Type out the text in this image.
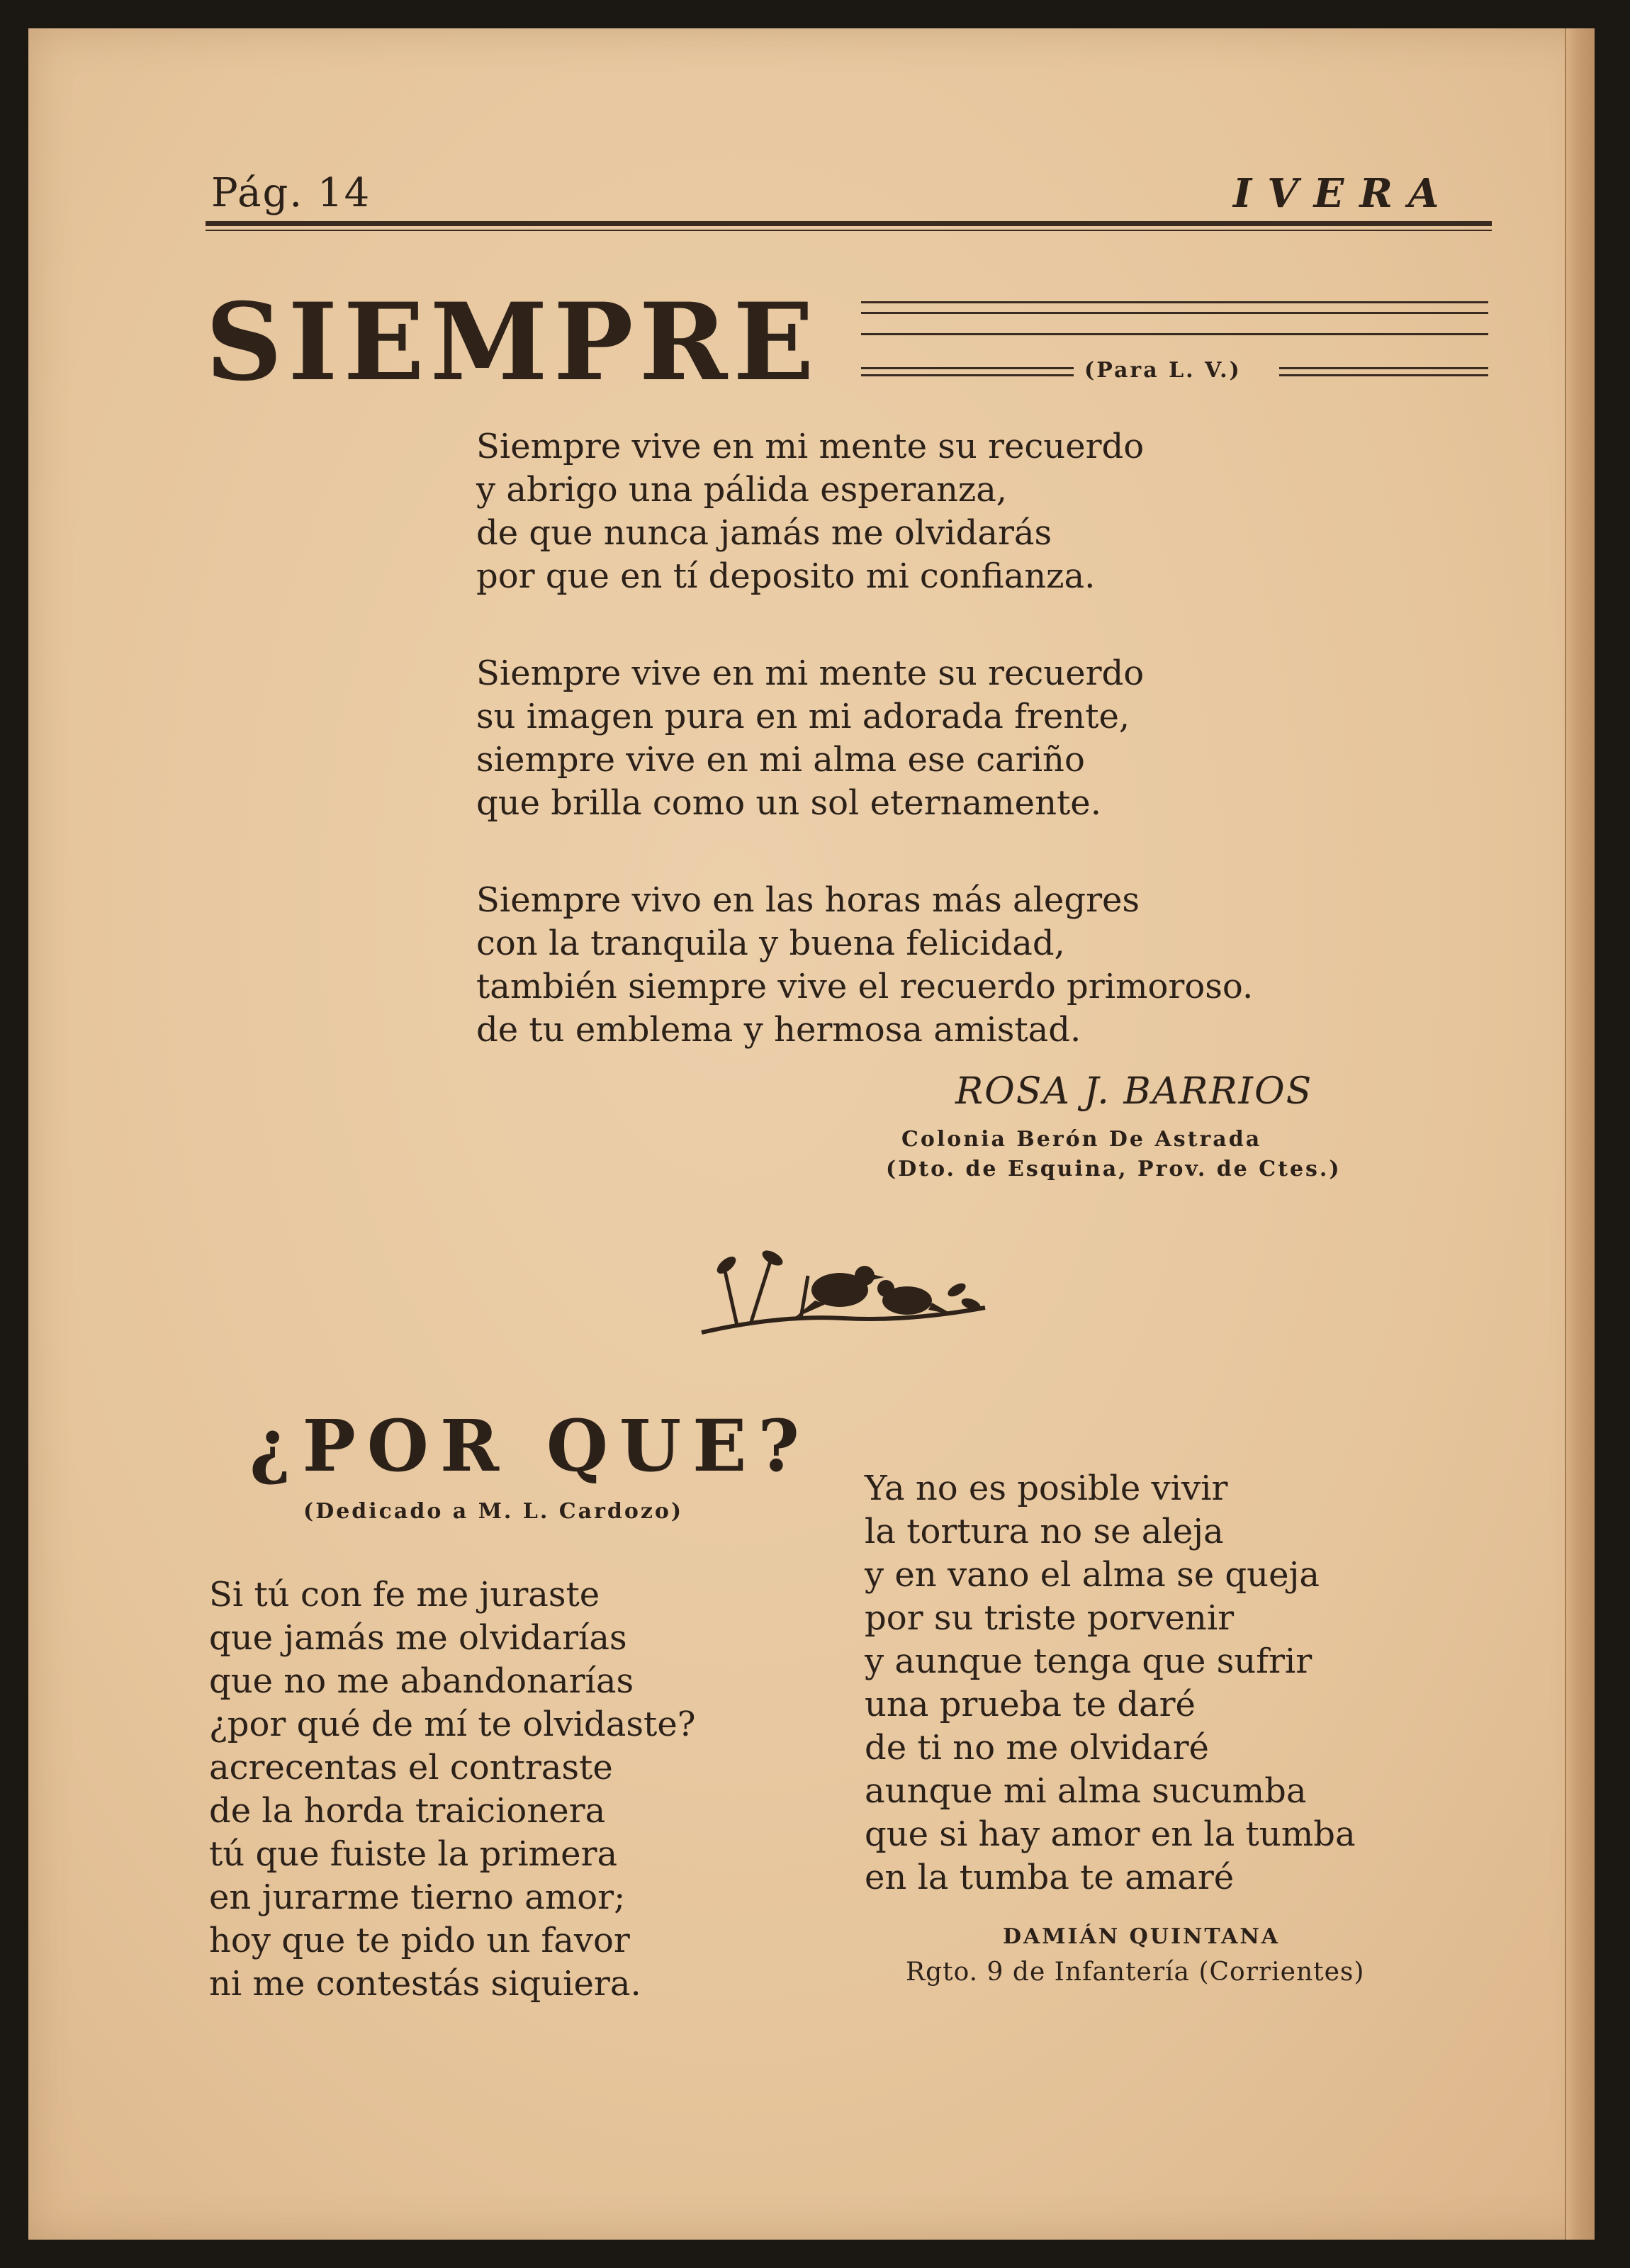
Pág. 14	IVERA
SIEMPRE	(Para L. V.)
Siempre vive en mi mente su recuerdo
y abrigo una pálida esperanza,
de que nunca jamás me olvidarás
por que en tí deposito mi confianza.
Siempre vive en mi mente su recuerdo
su imagen pura en mi adorada frente,
siempre vive en mi alma ese cariño
que brilla como un sol eternamente.
Siempre vivo en las horas más alegres
con la tranquila y buena felicidad,
también siempre vive el recuerdo primoroso.
de tu emblema y hermosa amistad.
ROSA J. BARRIOS
Colonia Berón De Astrada
(Dto. de Esquina, Prov. de Ctes.)
¿POR QUE?
(Dedicado a M. L. Cardozo)
Si tú con fe me juraste
que jamás me olvidarías
que no me abandonarías
¿por qué de mí te olvidaste?
acrecentas el contraste
de la horda traicionera
tú que fuiste la primera
en jurarme tierno amor;
hoy que te pido un favor
ni me contestás siquiera.
Ya no es posible vivir
la tortura no se aleja
y en vano el alma se queja
por su triste porvenir
y aunque tenga que sufrir
una prueba te daré
de ti no me olvidaré
aunque mi alma sucumba
que si hay amor en la tumba
en la tumba te amaré
DAMIÁN QUINTANA
Rgto. 9 de Infantería (Corrientes)
